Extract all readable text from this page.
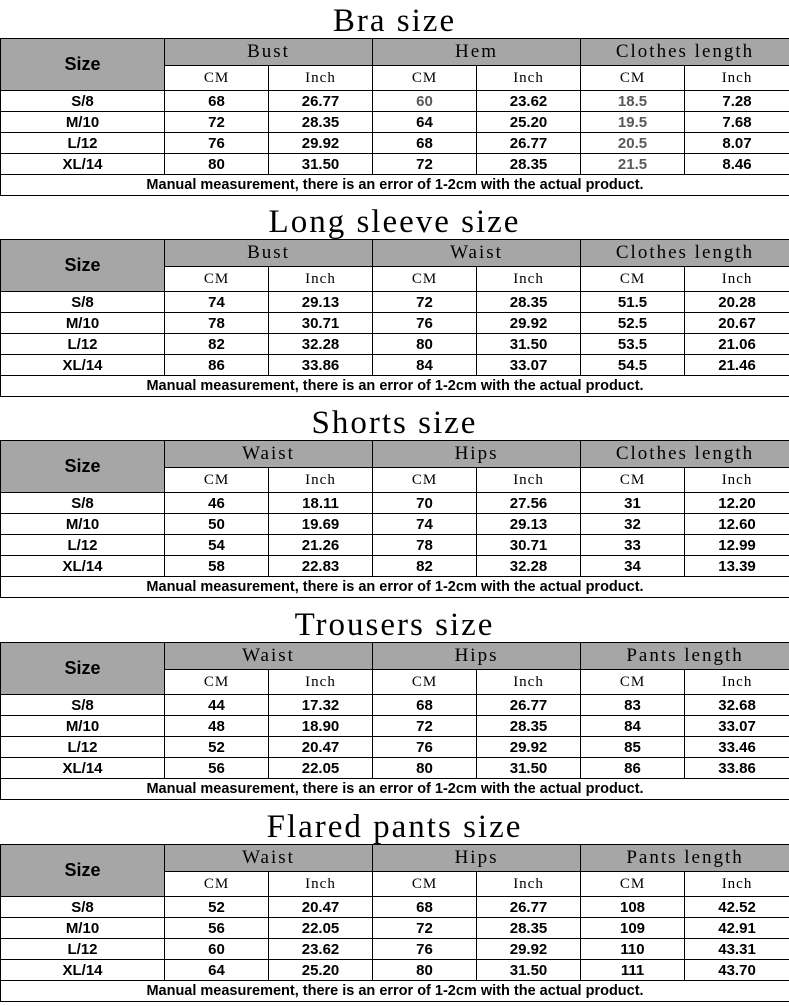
Bra size
Size	Bust		Hem		Clothes length	
	CM	Inch	CM	Inch	CM	Inch
S/8	68	26.77	60	23.62	18.5	7.28
M/10	72	28.35	64	25.20	19.5	7.68
L/12	76	29.92	68	26.77	20.5	8.07
XL/14	80	31.50	72	28.35	21.5	8.46
Manual measurement, there is an error of 1-2cm with the actual product.						
Long sleeve size
Size	Bust		Waist		Clothes length	
	CM	Inch	CM	Inch	CM	Inch
S/8	74	29.13	72	28.35	51.5	20.28
M/10	78	30.71	76	29.92	52.5	20.67
L/12	82	32.28	80	31.50	53.5	21.06
XL/14	86	33.86	84	33.07	54.5	21.46
Manual measurement, there is an error of 1-2cm with the actual product.						
Shorts size
Size	Waist		Hips		Clothes length	
	CM	Inch	CM	Inch	CM	Inch
S/8	46	18.11	70	27.56	31	12.20
M/10	50	19.69	74	29.13	32	12.60
L/12	54	21.26	78	30.71	33	12.99
XL/14	58	22.83	82	32.28	34	13.39
Manual measurement, there is an error of 1-2cm with the actual product.						
Trousers size
Size	Waist		Hips		Pants length	
	CM	Inch	CM	Inch	CM	Inch
S/8	44	17.32	68	26.77	83	32.68
M/10	48	18.90	72	28.35	84	33.07
L/12	52	20.47	76	29.92	85	33.46
XL/14	56	22.05	80	31.50	86	33.86
Manual measurement, there is an error of 1-2cm with the actual product.						
Flared pants size
Size	Waist		Hips		Pants length	
	CM	Inch	CM	Inch	CM	Inch
S/8	52	20.47	68	26.77	108	42.52
M/10	56	22.05	72	28.35	109	42.91
L/12	60	23.62	76	29.92	110	43.31
XL/14	64	25.20	80	31.50	111	43.70
Manual measurement, there is an error of 1-2cm with the actual product.						
